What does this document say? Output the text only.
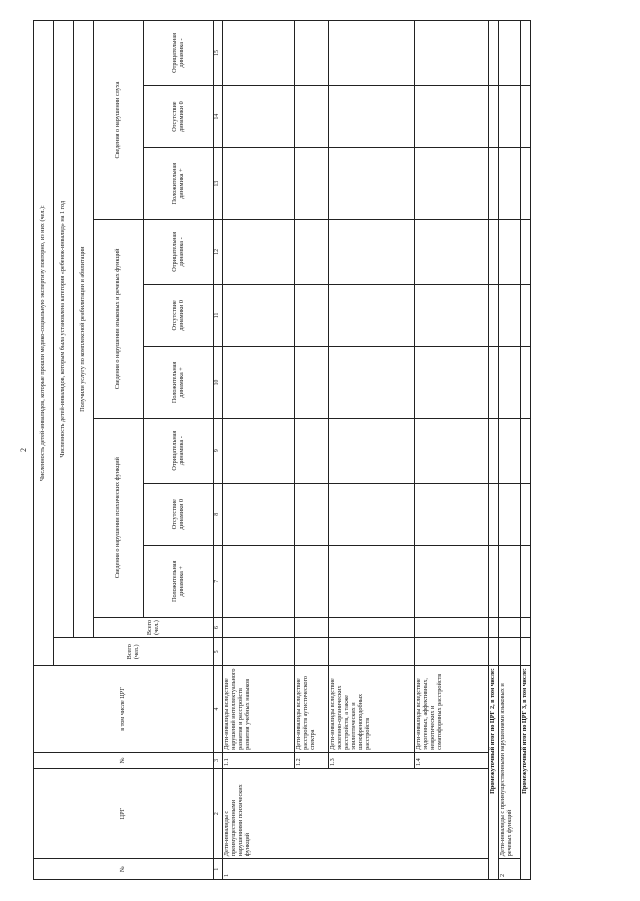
2
№	ЦРГ	№	в том числе ЦРГ	Численность детей-инвалидов, которые прошли медико-социальную экспертизу повторно, из них (чел.):										
				Всего (чел.)	Численность детей-инвалидов, которым была установлена категория «ребенок-инвалид» на 1 год									
					Получили услугу по комплексной реабилитации и абилитации									
					Всего (чел.)	Сведения о нарушении психических функций			Сведения о нарушении языковых и речевых функций			Сведения о нарушении слуха		
						Положительная динамика +	Отсутствие динамики 0	Отрицательная динамика -	Положительная динамика +	Отсутствие динамики 0	Отрицательная динамика -	Положительная динамика +	Отсутствие динамики 0	Отрицательная динамика -
1	2	3	4	5	6	7	8	9	10	11	12	13	14	15
1	Дети-инвалиды с преимущественными нарушениями психических функций	1.1	Дети-инвалиды вследствие нарушений интеллектуального развития и расстройств развития учебных навыков											
		1.2	Дети-инвалиды вследствие расстройств аутистического спектра											
		1.3	Дети-инвалиды вследствие экзогенно-органических расстройств, а также эпилептических и шизофреноподобных расстройств											
		1.4	Дети-инвалиды вследствие эндогенных, аффективных, невротических и соматоформных расстройств											
Промежуточный итог по ЦРГ 2, в том числе:														
2	Дети-инвалиды с преимущественными нарушениями языковых и речевых функций													
Промежуточный итог по ЦРГ 3, в том числе:														
